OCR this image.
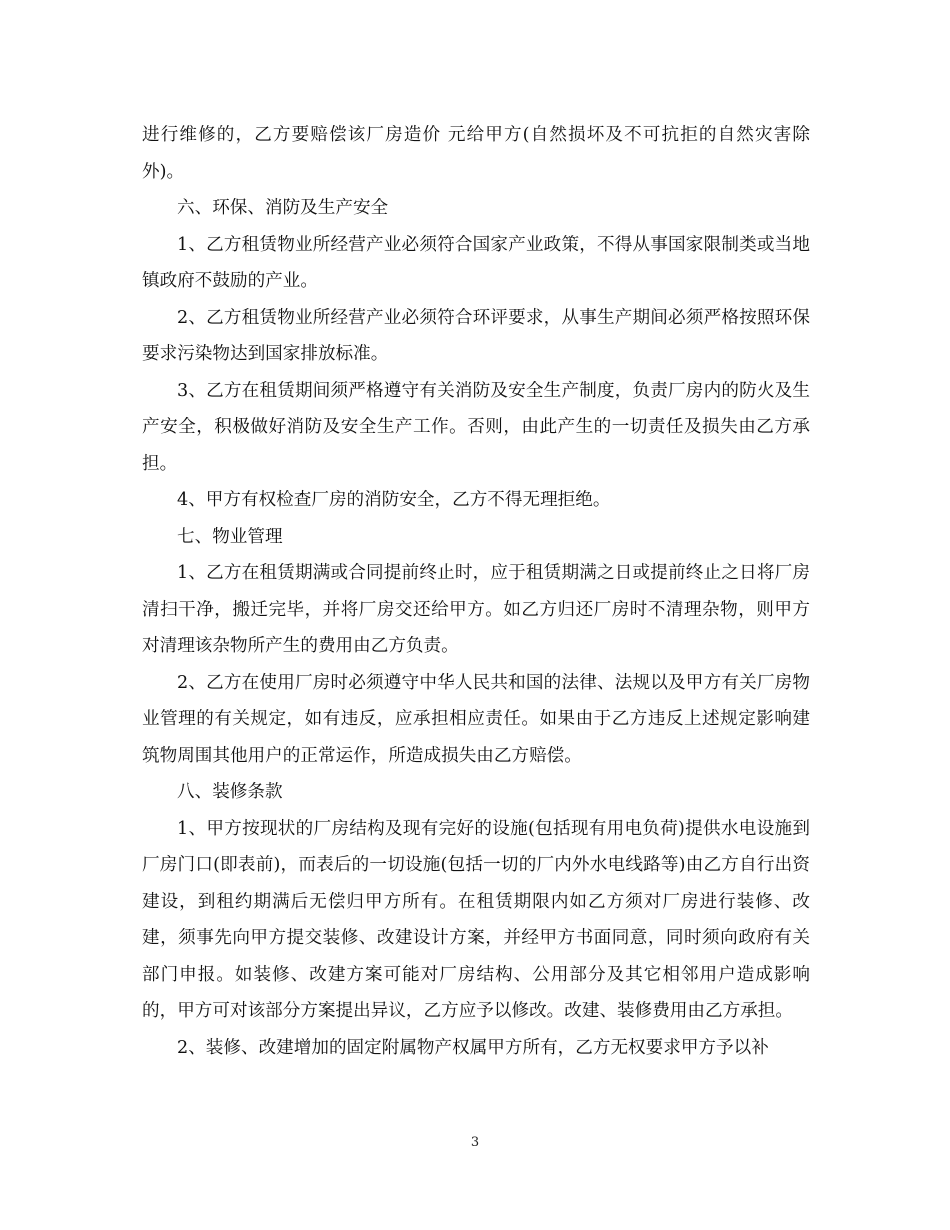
进行维修的，乙方要赔偿该厂房造价 元给甲方(自然损坏及不可抗拒的自然灾害除外)。

六、环保、消防及生产安全

1、乙方租赁物业所经营产业必须符合国家产业政策，不得从事国家限制类或当地镇政府不鼓励的产业。

2、乙方租赁物业所经营产业必须符合环评要求，从事生产期间必须严格按照环保要求污染物达到国家排放标准。

3、乙方在租赁期间须严格遵守有关消防及安全生产制度，负责厂房内的防火及生产安全，积极做好消防及安全生产工作。否则，由此产生的一切责任及损失由乙方承担。

4、甲方有权检查厂房的消防安全，乙方不得无理拒绝。

七、物业管理

1、乙方在租赁期满或合同提前终止时，应于租赁期满之日或提前终止之日将厂房清扫干净，搬迁完毕，并将厂房交还给甲方。如乙方归还厂房时不清理杂物，则甲方对清理该杂物所产生的费用由乙方负责。

2、乙方在使用厂房时必须遵守中华人民共和国的法律、法规以及甲方有关厂房物业管理的有关规定，如有违反，应承担相应责任。如果由于乙方违反上述规定影响建筑物周围其他用户的正常运作，所造成损失由乙方赔偿。

八、装修条款

1、甲方按现状的厂房结构及现有完好的设施(包括现有用电负荷)提供水电设施到厂房门口(即表前)，而表后的一切设施(包括一切的厂内外水电线路等)由乙方自行出资建设，到租约期满后无偿归甲方所有。在租赁期限内如乙方须对厂房进行装修、改建，须事先向甲方提交装修、改建设计方案，并经甲方书面同意，同时须向政府有关部门申报。如装修、改建方案可能对厂房结构、公用部分及其它相邻用户造成影响的，甲方可对该部分方案提出异议，乙方应予以修改。改建、装修费用由乙方承担。

2、装修、改建增加的固定附属物产权属甲方所有，乙方无权要求甲方予以补

3
